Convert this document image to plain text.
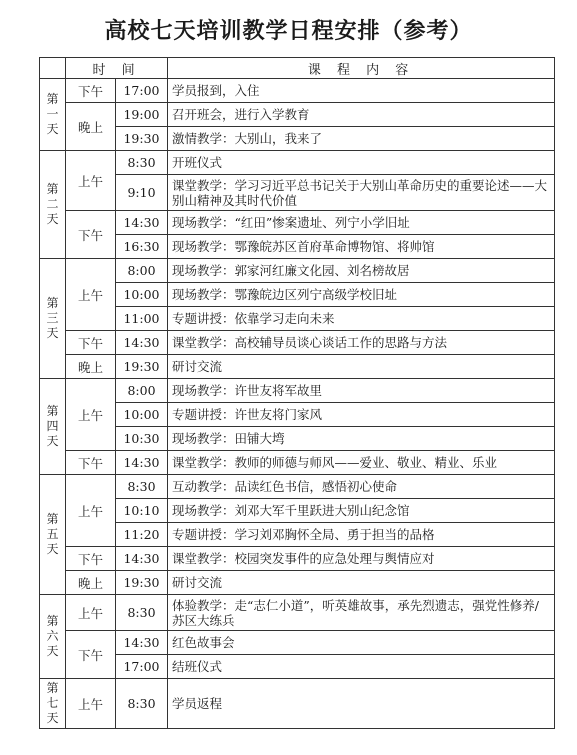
高校七天培训教学日程安排（参考）
	时 间		课 程 内 容

第
一
天	下午	17:00	学员报到，入住
	晚上	19:00	召开班会，进行入学教育
		19:30	激情教学：大别山，我来了

第
二
天	上午	8:30	开班仪式
		9:10	课堂教学：学习习近平总书记关于大别山革命历史的重要论述——大别山精神及其时代价值
	下午	14:30	现场教学：“红田”惨案遗址、列宁小学旧址
		16:30	现场教学：鄂豫皖苏区首府革命博物馆、将帅馆

第
三
天	上午	8:00	现场教学：郭家河红廉文化园、刘名榜故居
		10:00	现场教学：鄂豫皖边区列宁高级学校旧址
		11:00	专题讲授：依靠学习走向未来
	下午	14:30	课堂教学：高校辅导员谈心谈话工作的思路与方法
	晚上	19:30	研讨交流

第
四
天	上午	8:00	现场教学：许世友将军故里
		10:00	专题讲授：许世友将门家风
		10:30	现场教学：田铺大塆
	下午	14:30	课堂教学：教师的师德与师风——爱业、敬业、精业、乐业

第
五
天	上午	8:30	互动教学：品读红色书信，感悟初心使命
		10:10	现场教学：刘邓大军千里跃进大别山纪念馆
		11:20	专题讲授：学习刘邓胸怀全局、勇于担当的品格
	下午	14:30	课堂教学：校园突发事件的应急处理与舆情应对
	晚上	19:30	研讨交流

第
六
天	上午	8:30	体验教学：走“志仁小道”，听英雄故事，承先烈遗志，强党性修养/苏区大练兵
	下午	14:30	红色故事会
		17:00	结班仪式

第
七
天	上午	8:30	学员返程
